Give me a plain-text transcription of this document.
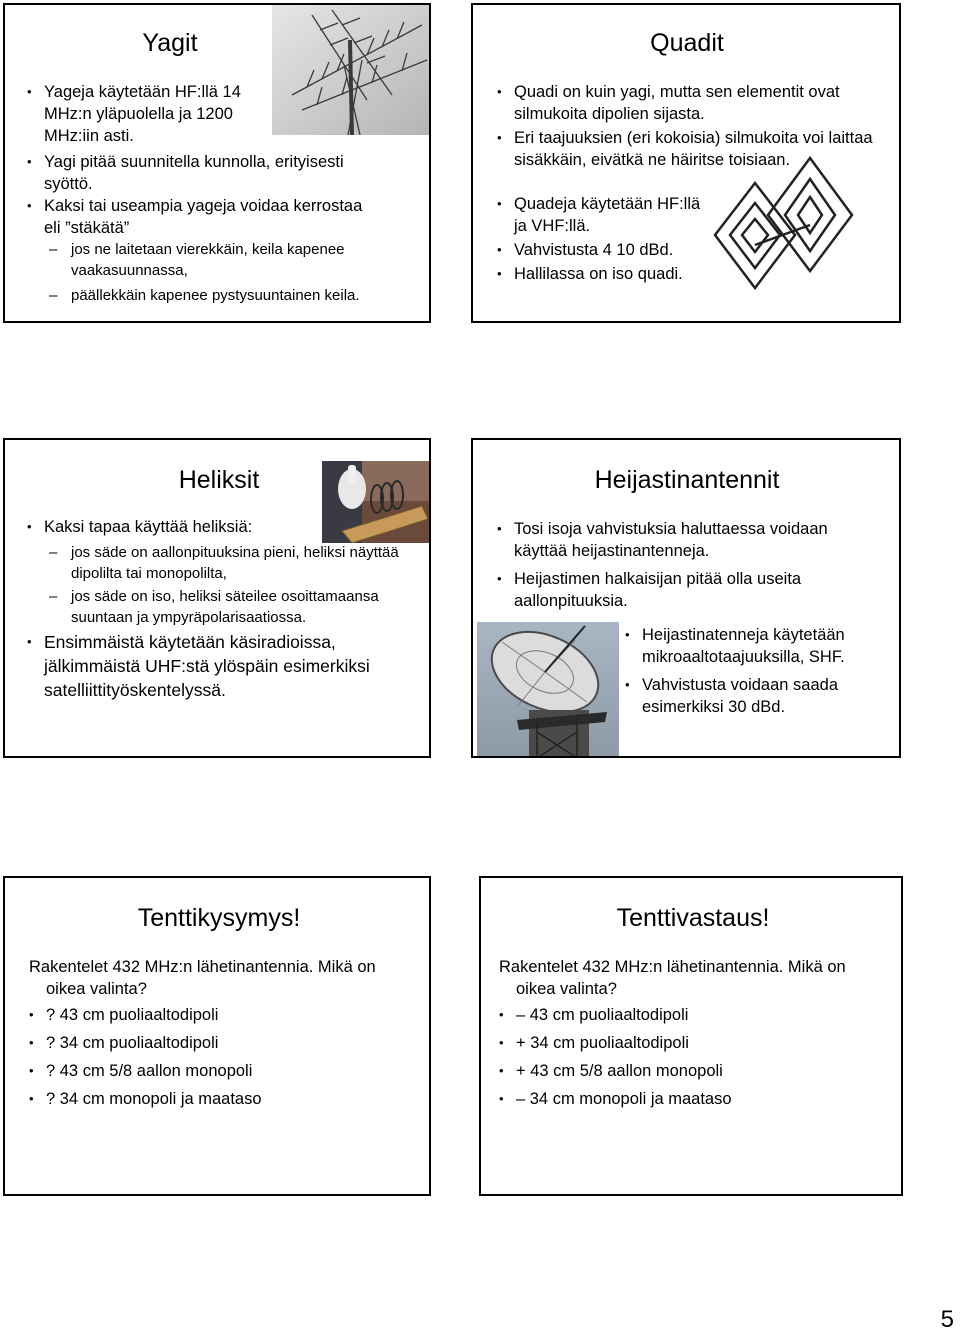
Yagit
• Yageja käytetään HF:llä 14 MHz:n yläpuolella ja 1200 MHz:iin asti.
• Yagi pitää suunnitella kunnolla, erityisesti syöttö.
• Kaksi tai useampia yageja voidaa kerrostaa eli ”stäkätä”
– jos ne laitetaan vierekkäin, keila kapenee vaakasuunnassa,
– päällekkäin kapenee pystysuuntainen keila.
Quadit
• Quadi on kuin yagi, mutta sen elementit ovat silmukoita dipolien sijasta.
• Eri taajuuksien (eri kokoisia) silmukoita voi laittaa sisäkkäin, eivätkä ne häiritse toisiaan.
• Quadeja käytetään HF:llä ja VHF:llä.
• Vahvistusta 4 10 dBd.
• Hallilassa on iso quadi.
Heliksit
• Kaksi tapaa käyttää heliksiä:
– jos säde on aallonpituuksina pieni, heliksi näyttää dipolilta tai monopolilta,
– jos säde on iso, heliksi säteilee osoittamaansa suuntaan ja ympyräpolarisaatiossa.
• Ensimmäistä käytetään käsiradioissa, jälkimmäistä UHF:stä ylöspäin esimerkiksi satelliittityöskentelyssä.
Heijastinantennit
• Tosi isoja vahvistuksia haluttaessa voidaan käyttää heijastinantenneja.
• Heijastimen halkaisijan pitää olla useita aallonpituuksia.
• Heijastinatenneja käytetään mikroaaltotaajuuksilla, SHF.
• Vahvistusta voidaan saada esimerkiksi 30 dBd.
Tenttikysymys!
Rakentelet 432 MHz:n lähetinantennia. Mikä on oikea valinta?
• ? 43 cm puoliaaltodipoli
• ? 34 cm puoliaaltodipoli
• ? 43 cm 5/8 aallon monopoli
• ? 34 cm monopoli ja maataso
Tenttivastaus!
Rakentelet 432 MHz:n lähetinantennia. Mikä on oikea valinta?
• – 43 cm puoliaaltodipoli
• + 34 cm puoliaaltodipoli
• + 43 cm 5/8 aallon monopoli
• – 34 cm monopoli ja maataso
5
